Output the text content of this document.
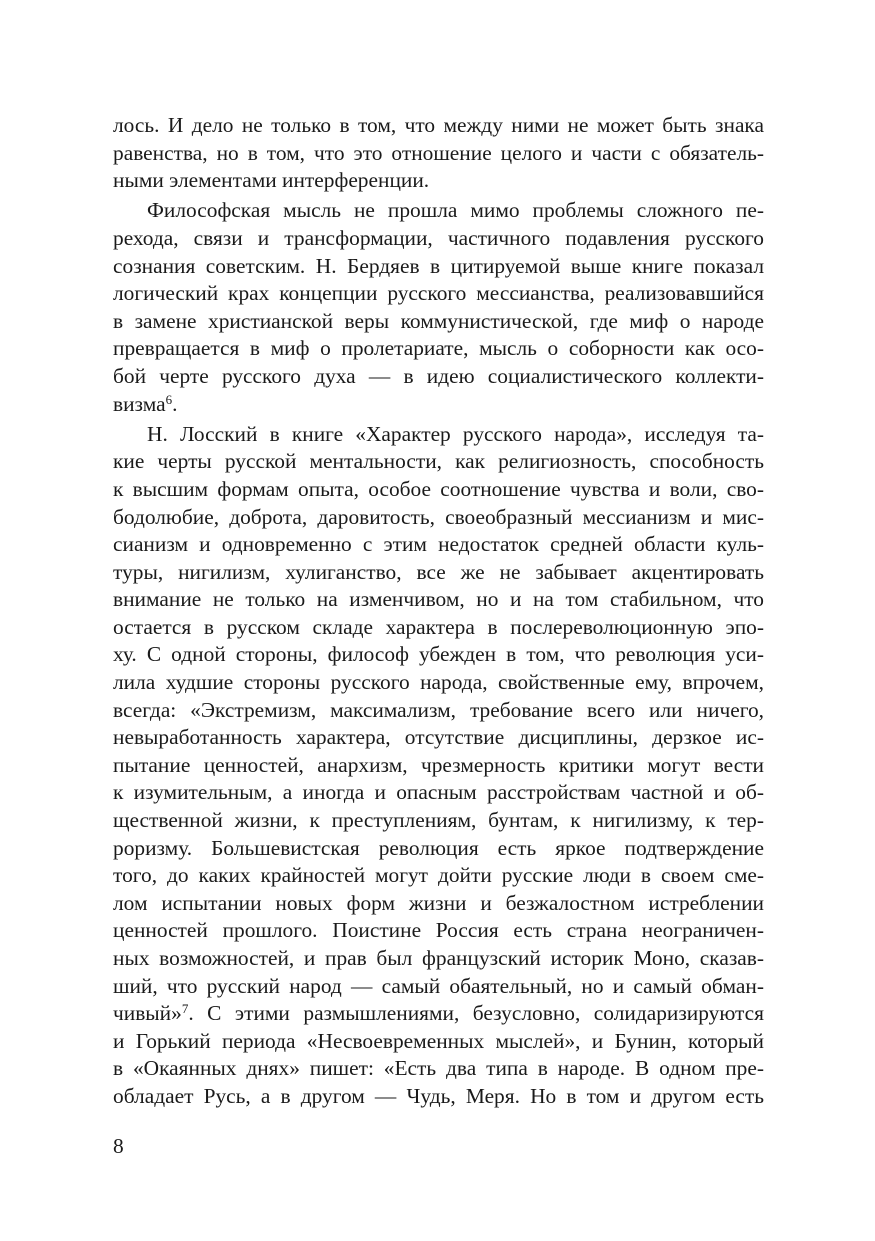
лось. И дело не только в том, что между ними не может быть знака
равенства, но в том, что это отношение целого и части с обязатель-
ными элементами интерференции.
Философская мысль не прошла мимо проблемы сложного пе-
рехода, связи и трансформации, частичного подавления русского
сознания советским. Н. Бердяев в цитируемой выше книге показал
логический крах концепции русского мессианства, реализовавшийся
в замене христианской веры коммунистической, где миф о народе
превращается в миф о пролетариате, мысль о соборности как осо-
бой черте русского духа — в идею социалистического коллекти-
визма$^6$.
Н. Лосский в книге «Характер русского народа», исследуя та-
кие черты русской ментальности, как религиозность, способность
к высшим формам опыта, особое соотношение чувства и воли, сво-
бодолюбие, доброта, даровитость, своеобразный мессианизм и мис-
сианизм и одновременно с этим недостаток средней области куль-
туры, нигилизм, хулиганство, все же не забывает акцентировать
внимание не только на изменчивом, но и на том стабильном, что
остается в русском складе характера в послереволюционную эпо-
ху. С одной стороны, философ убежден в том, что революция уси-
лила худшие стороны русского народа, свойственные ему, впрочем,
всегда: «Экстремизм, максимализм, требование всего или ничего,
невыработанность характера, отсутствие дисциплины, дерзкое ис-
пытание ценностей, анархизм, чрезмерность критики могут вести
к изумительным, а иногда и опасным расстройствам частной и об-
щественной жизни, к преступлениям, бунтам, к нигилизму, к тер-
роризму. Большевистская революция есть яркое подтверждение
того, до каких крайностей могут дойти русские люди в своем смe-
лом испытании новых форм жизни и безжалостном истреблении
ценностей прошлого. Поистине Россия есть страна неограничен-
ных возможностей, и прав был французский историк Моно, сказав-
ший, что русский народ — самый обаятельный, но и самый обман-
чивый»$^7$. С этими размышлениями, безусловно, солидаризируются
и Горький периода «Несвоевременных мыслей», и Бунин, который
в «Окаянных днях» пишет: «Есть два типа в народе. В одном пре-
обладает Русь, а в другом — Чудь, Меря. Но в том и другом есть
8
